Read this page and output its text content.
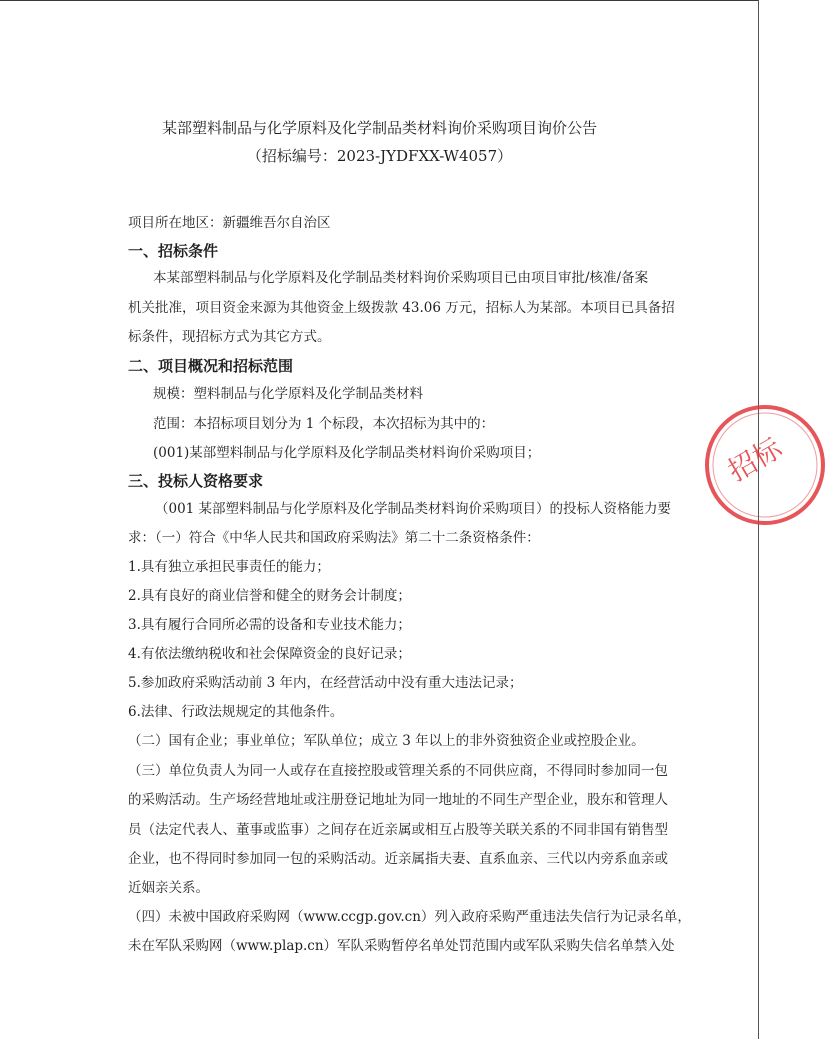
某部塑料制品与化学原料及化学制品类材料询价采购项目询价公告
（招标编号：2023-JYDFXX-W4057）
项目所在地区：新疆维吾尔自治区
一、招标条件
本某部塑料制品与化学原料及化学制品类材料询价采购项目已由项目审批/核准/备案
机关批准，项目资金来源为其他资金上级拨款 43.06 万元，招标人为某部。本项目已具备招
标条件，现招标方式为其它方式。
二、项目概况和招标范围
规模：塑料制品与化学原料及化学制品类材料
范围：本招标项目划分为 1 个标段，本次招标为其中的：
(001)某部塑料制品与化学原料及化学制品类材料询价采购项目；
三、投标人资格要求
（001 某部塑料制品与化学原料及化学制品类材料询价采购项目）的投标人资格能力要
求：（一）符合《中华人民共和国政府采购法》第二十二条资格条件：
1.具有独立承担民事责任的能力；
2.具有良好的商业信誉和健全的财务会计制度；
3.具有履行合同所必需的设备和专业技术能力；
4.有依法缴纳税收和社会保障资金的良好记录；
5.参加政府采购活动前 3 年内，在经营活动中没有重大违法记录；
6.法律、行政法规规定的其他条件。
（二）国有企业；事业单位；军队单位；成立 3 年以上的非外资独资企业或控股企业。
（三）单位负责人为同一人或存在直接控股或管理关系的不同供应商，不得同时参加同一包
的采购活动。生产场经营地址或注册登记地址为同一地址的不同生产型企业，股东和管理人
员（法定代表人、董事或监事）之间存在近亲属或相互占股等关联关系的不同非国有销售型
企业，也不得同时参加同一包的采购活动。近亲属指夫妻、直系血亲、三代以内旁系血亲或
近姻亲关系。
（四）未被中国政府采购网（www.ccgp.gov.cn）列入政府采购严重违法失信行为记录名单，
未在军队采购网（www.plap.cn）军队采购暂停名单处罚范围内或军队采购失信名单禁入处
招标
